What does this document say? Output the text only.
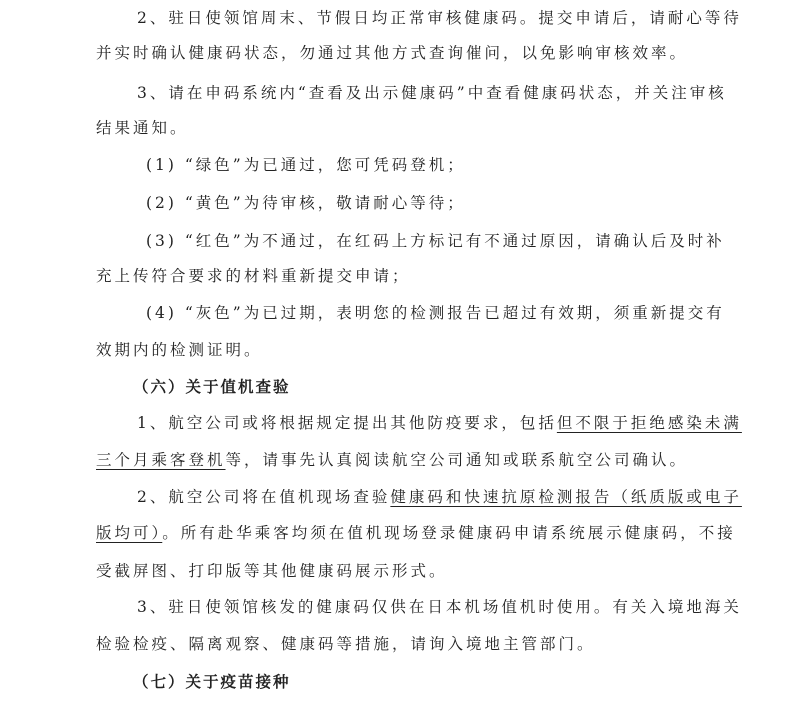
2、驻日使领馆周末、节假日均正常审核健康码。提交申请后，请耐心等待
并实时确认健康码状态，勿通过其他方式查询催问，以免影响审核效率。
3、请在申码系统内“查看及出示健康码”中查看健康码状态，并关注审核
结果通知。
(1) “绿色”为已通过，您可凭码登机；
(2) “黄色”为待审核，敬请耐心等待；
(3) “红色”为不通过，在红码上方标记有不通过原因，请确认后及时补
充上传符合要求的材料重新提交申请；
(4) “灰色”为已过期，表明您的检测报告已超过有效期，须重新提交有
效期内的检测证明。
（六）关于值机查验
1、航空公司或将根据规定提出其他防疫要求，包括但不限于拒绝感染未满
三个月乘客登机等，请事先认真阅读航空公司通知或联系航空公司确认。
2、航空公司将在值机现场查验健康码和快速抗原检测报告（纸质版或电子
版均可）。所有赴华乘客均须在值机现场登录健康码申请系统展示健康码，不接
受截屏图、打印版等其他健康码展示形式。
3、驻日使领馆核发的健康码仅供在日本机场值机时使用。有关入境地海关
检验检疫、隔离观察、健康码等措施，请询入境地主管部门。
（七）关于疫苗接种
